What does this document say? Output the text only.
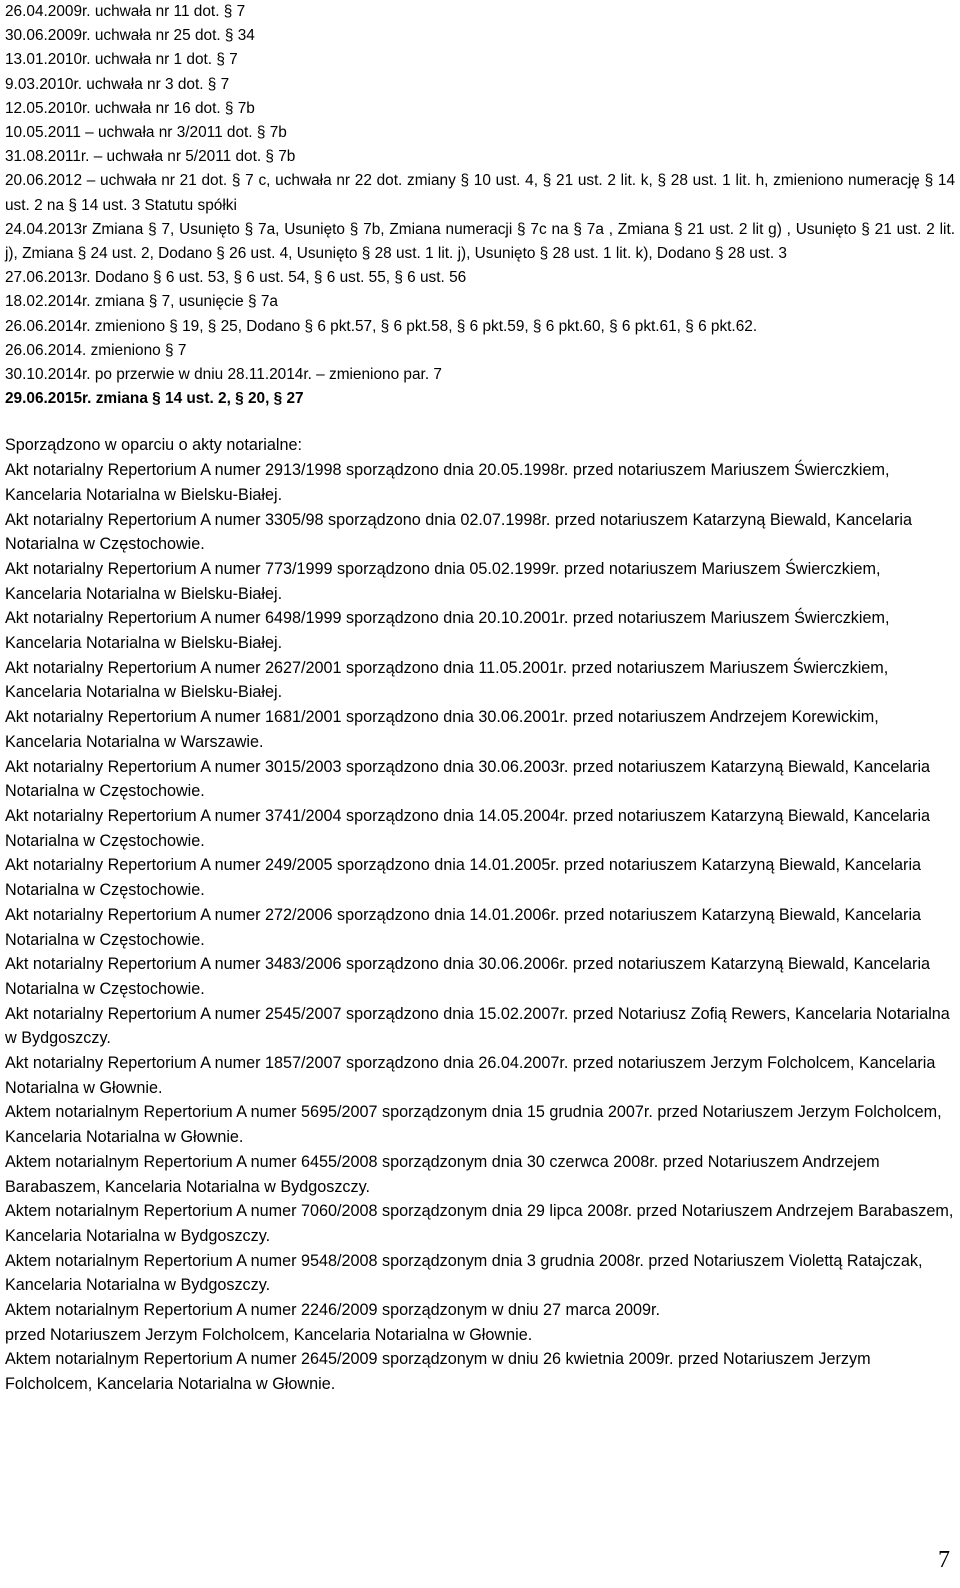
26.04.2009r. uchwała nr 11 dot. § 7
30.06.2009r. uchwała nr 25 dot. § 34
13.01.2010r. uchwała nr 1 dot. § 7
9.03.2010r. uchwała nr 3 dot. § 7
12.05.2010r. uchwała nr 16 dot. § 7b
10.05.2011 – uchwała nr 3/2011 dot. § 7b
31.08.2011r. – uchwała nr 5/2011 dot. § 7b
20.06.2012 – uchwała nr 21 dot. § 7 c, uchwała nr 22 dot. zmiany § 10 ust. 4, § 21 ust. 2 lit. k, § 28 ust. 1 lit. h, zmieniono numerację § 14 ust. 2 na § 14 ust. 3 Statutu spółki
24.04.2013r Zmiana § 7, Usunięto § 7a, Usunięto § 7b, Zmiana numeracji § 7c na § 7a , Zmiana § 21 ust. 2 lit g) , Usunięto § 21 ust. 2 lit. j), Zmiana § 24 ust. 2, Dodano § 26 ust. 4, Usunięto § 28 ust. 1 lit. j), Usunięto § 28 ust. 1 lit. k), Dodano § 28 ust. 3
27.06.2013r. Dodano § 6 ust. 53, § 6 ust. 54, § 6 ust. 55, § 6 ust. 56
18.02.2014r. zmiana § 7, usunięcie § 7a
26.06.2014r. zmieniono § 19, § 25, Dodano § 6 pkt.57, § 6 pkt.58, § 6 pkt.59, § 6 pkt.60, § 6 pkt.61, § 6 pkt.62.
26.06.2014. zmieniono § 7
30.10.2014r. po przerwie w dniu 28.11.2014r. – zmieniono par. 7
29.06.2015r. zmiana § 14 ust. 2, § 20, § 27
Sporządzono w oparciu o akty notarialne:
Akt notarialny Repertorium A numer 2913/1998 sporządzono dnia 20.05.1998r. przed notariuszem Mariuszem Świerczkiem, Kancelaria Notarialna w Bielsku-Białej.
Akt notarialny Repertorium A numer 3305/98 sporządzono dnia 02.07.1998r. przed notariuszem Katarzyną Biewald, Kancelaria Notarialna w Częstochowie.
Akt notarialny Repertorium A numer 773/1999 sporządzono dnia 05.02.1999r. przed notariuszem Mariuszem Świerczkiem, Kancelaria Notarialna w Bielsku-Białej.
Akt notarialny Repertorium A numer 6498/1999 sporządzono dnia 20.10.2001r. przed notariuszem Mariuszem Świerczkiem, Kancelaria Notarialna w Bielsku-Białej.
Akt notarialny Repertorium A numer 2627/2001 sporządzono dnia 11.05.2001r. przed notariuszem Mariuszem Świerczkiem, Kancelaria Notarialna w Bielsku-Białej.
Akt notarialny Repertorium A numer 1681/2001 sporządzono dnia 30.06.2001r. przed notariuszem Andrzejem Korewickim, Kancelaria Notarialna w Warszawie.
Akt notarialny Repertorium A numer 3015/2003 sporządzono dnia 30.06.2003r. przed notariuszem Katarzyną Biewald, Kancelaria Notarialna w Częstochowie.
Akt notarialny Repertorium A numer 3741/2004 sporządzono dnia 14.05.2004r. przed notariuszem Katarzyną Biewald, Kancelaria Notarialna w Częstochowie.
Akt notarialny Repertorium A numer 249/2005 sporządzono dnia 14.01.2005r. przed notariuszem Katarzyną Biewald, Kancelaria Notarialna w Częstochowie.
Akt notarialny Repertorium A numer 272/2006 sporządzono dnia 14.01.2006r. przed notariuszem Katarzyną Biewald, Kancelaria Notarialna w Częstochowie.
Akt notarialny Repertorium A numer 3483/2006 sporządzono dnia 30.06.2006r. przed notariuszem Katarzyną Biewald, Kancelaria Notarialna w Częstochowie.
Akt notarialny Repertorium A numer 2545/2007 sporządzono dnia 15.02.2007r. przed Notariusz Zofią Rewers, Kancelaria Notarialna w Bydgoszczy.
Akt notarialny Repertorium A numer 1857/2007 sporządzono dnia 26.04.2007r. przed notariuszem Jerzym Folcholcem, Kancelaria Notarialna w Głownie.
Aktem notarialnym Repertorium A numer 5695/2007 sporządzonym dnia 15 grudnia 2007r. przed Notariuszem Jerzym Folcholcem, Kancelaria Notarialna w Głownie.
Aktem notarialnym Repertorium A numer 6455/2008 sporządzonym dnia 30 czerwca 2008r. przed Notariuszem Andrzejem Barabaszem, Kancelaria Notarialna w Bydgoszczy.
Aktem notarialnym Repertorium A numer 7060/2008 sporządzonym dnia 29 lipca 2008r. przed Notariuszem Andrzejem Barabaszem, Kancelaria Notarialna w Bydgoszczy.
Aktem notarialnym Repertorium A numer 9548/2008 sporządzonym dnia 3 grudnia 2008r. przed Notariuszem Violettą Ratajczak, Kancelaria Notarialna w Bydgoszczy.
Aktem notarialnym Repertorium A numer 2246/2009 sporządzonym w dniu 27 marca 2009r.
przed Notariuszem Jerzym Folcholcem, Kancelaria Notarialna w Głownie.
Aktem notarialnym Repertorium A numer 2645/2009 sporządzonym w dniu 26 kwietnia 2009r. przed Notariuszem Jerzym Folcholcem, Kancelaria Notarialna w Głownie.
7
